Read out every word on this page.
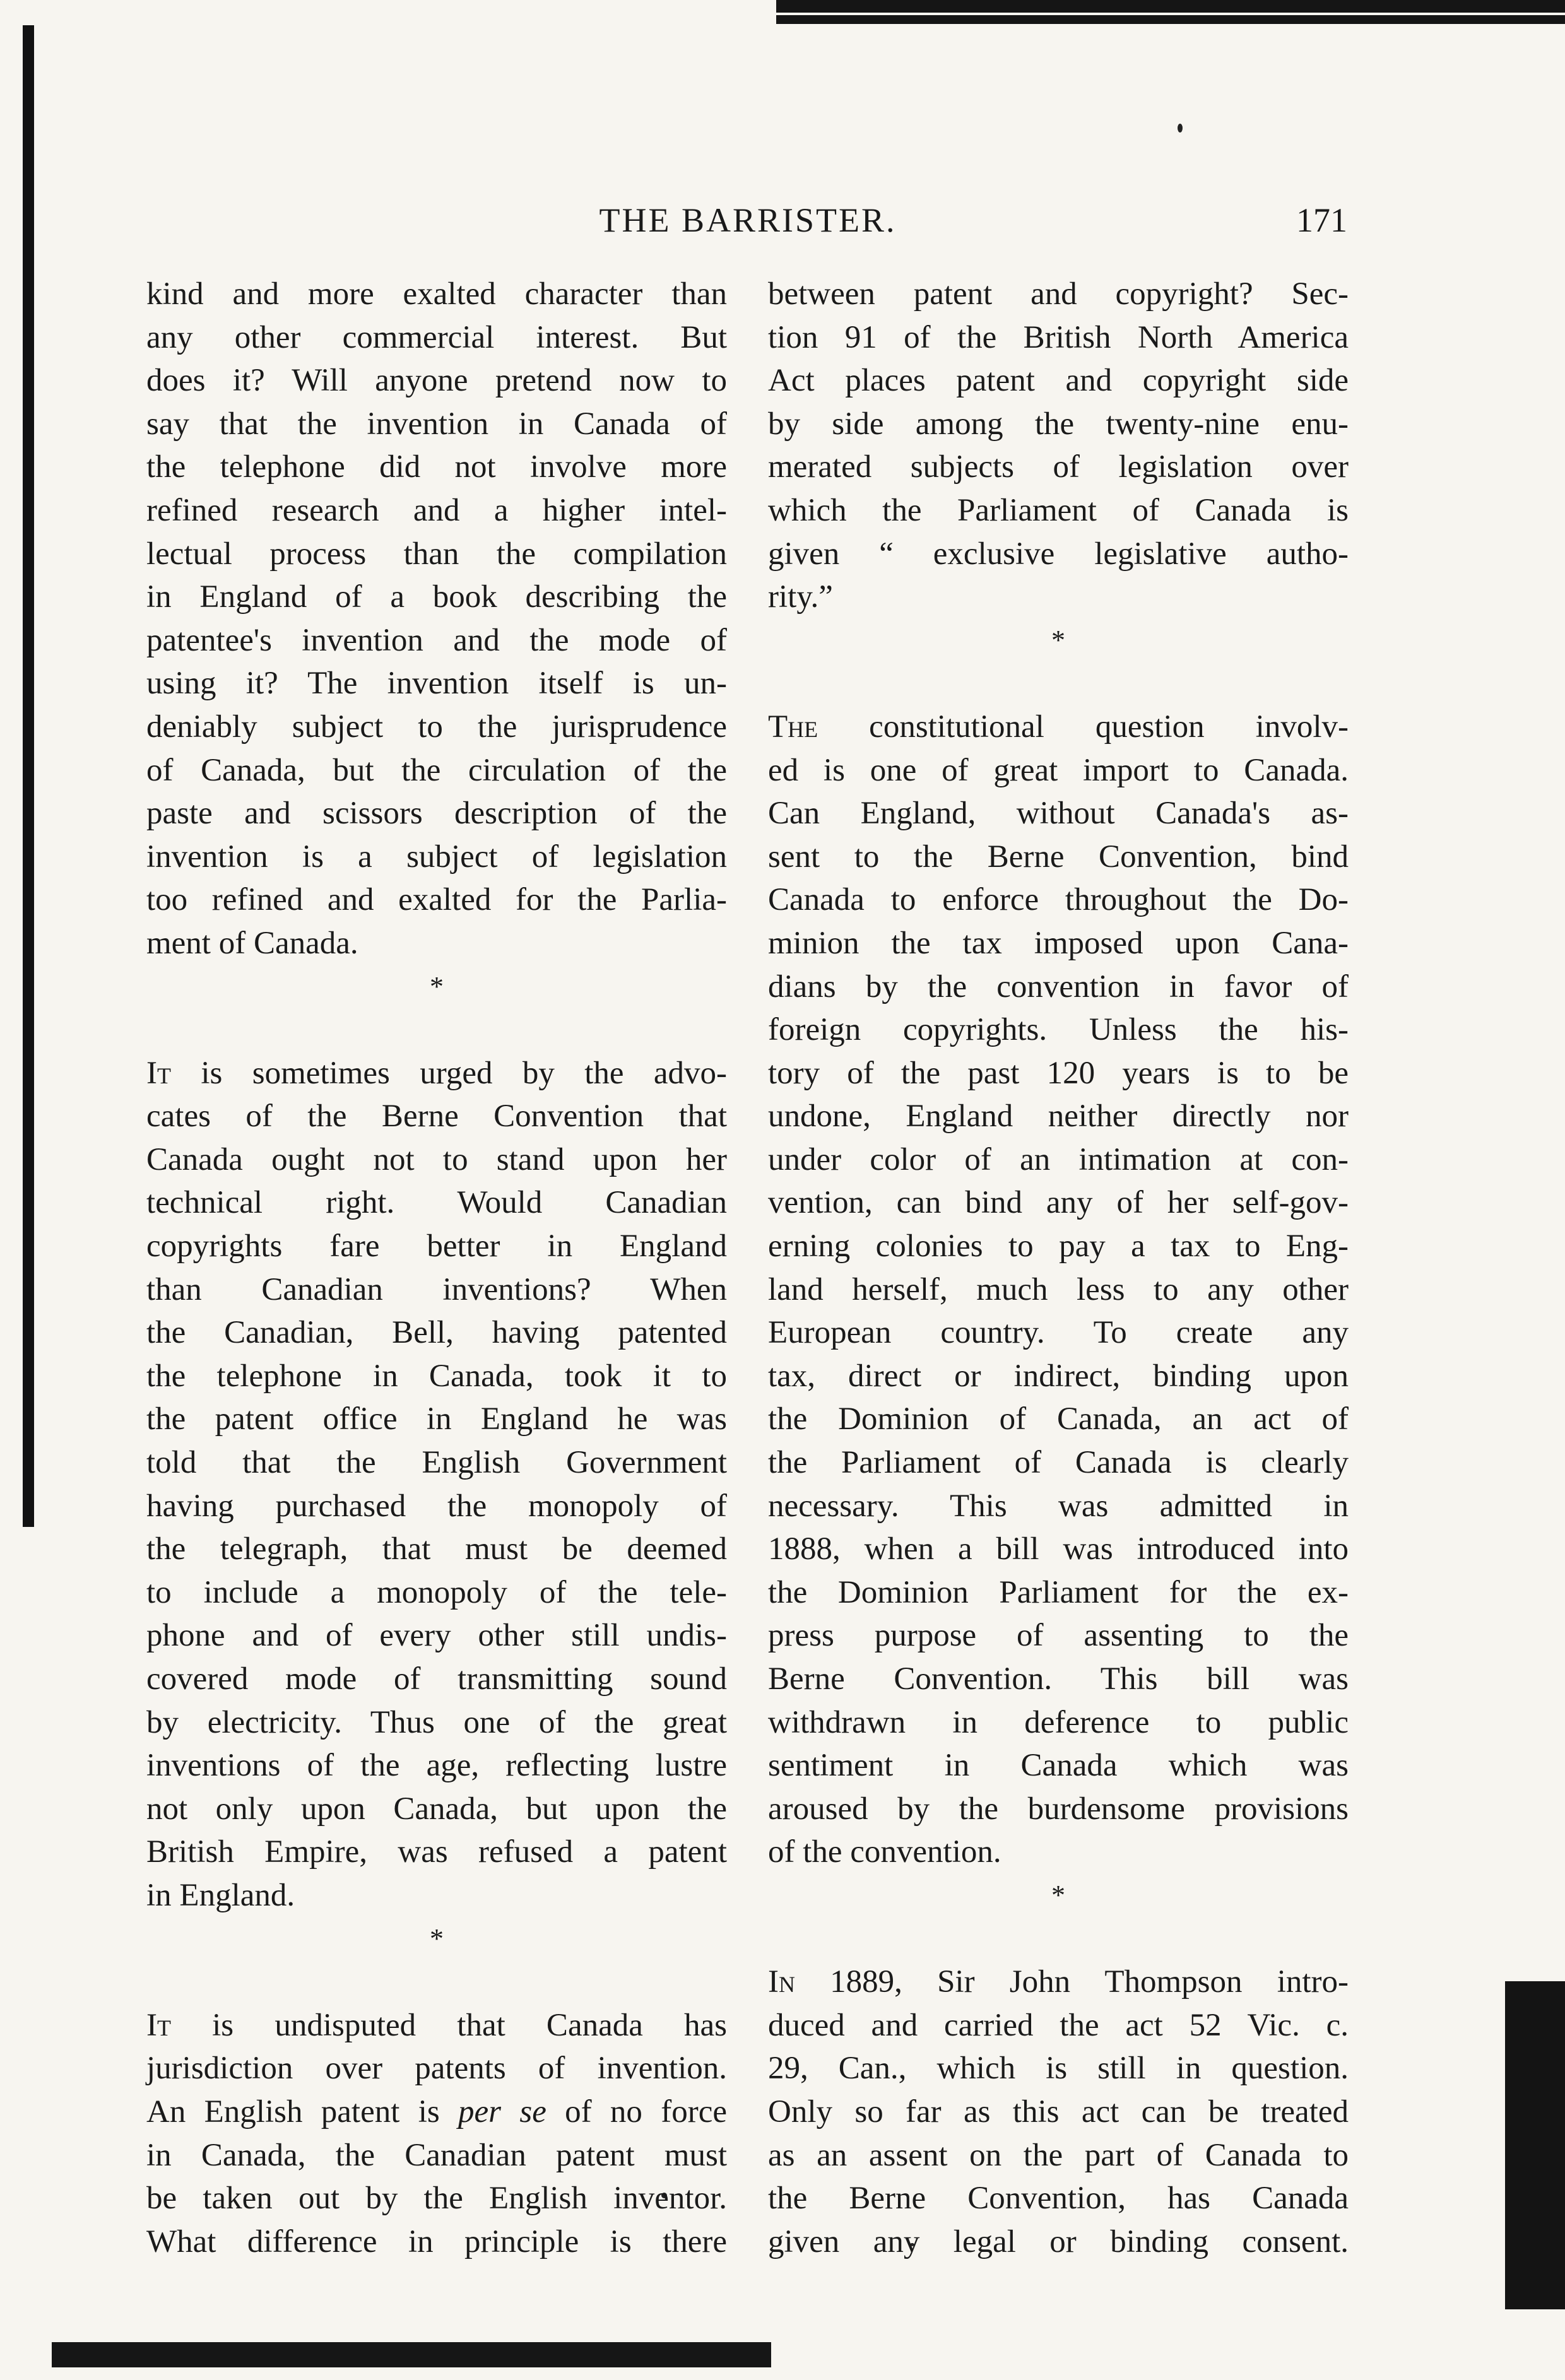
THE BARRISTER.	171
kind and more exalted character than
any other commercial interest. But
does it? Will anyone pretend now to
say that the invention in Canada of
the telephone did not involve more
refined research and a higher intel-
lectual process than the compilation
in England of a book describing the
patentee's invention and the mode of
using it? The invention itself is un-
deniably subject to the jurisprudence
of Canada, but the circulation of the
paste and scissors description of the
invention is a subject of legislation
too refined and exalted for the Parlia-
ment of Canada.
*
It is sometimes urged by the advo-
cates of the Berne Convention that
Canada ought not to stand upon her
technical right. Would Canadian
copyrights fare better in England
than Canadian inventions? When
the Canadian, Bell, having patented
the telephone in Canada, took it to
the patent office in England he was
told that the English Government
having purchased the monopoly of
the telegraph, that must be deemed
to include a monopoly of the tele-
phone and of every other still undis-
covered mode of transmitting sound
by electricity. Thus one of the great
inventions of the age, reflecting lustre
not only upon Canada, but upon the
British Empire, was refused a patent
in England.
*
It is undisputed that Canada has
jurisdiction over patents of invention.
An English patent is per se of no force
in Canada, the Canadian patent must
be taken out by the English inventor.
What difference in principle is there
between patent and copyright? Sec-
tion 91 of the British North America
Act places patent and copyright side
by side among the twenty-nine enu-
merated subjects of legislation over
which the Parliament of Canada is
given “ exclusive legislative autho-
rity.”
*
The constitutional question involv-
ed is one of great import to Canada.
Can England, without Canada's as-
sent to the Berne Convention, bind
Canada to enforce throughout the Do-
minion the tax imposed upon Cana-
dians by the convention in favor of
foreign copyrights. Unless the his-
tory of the past 120 years is to be
undone, England neither directly nor
under color of an intimation at con-
vention, can bind any of her self-gov-
erning colonies to pay a tax to Eng-
land herself, much less to any other
European country. To create any
tax, direct or indirect, binding upon
the Dominion of Canada, an act of
the Parliament of Canada is clearly
necessary. This was admitted in
1888, when a bill was introduced into
the Dominion Parliament for the ex-
press purpose of assenting to the
Berne Convention. This bill was
withdrawn in deference to public
sentiment in Canada which was
aroused by the burdensome provisions
of the convention.
*
In 1889, Sir John Thompson intro-
duced and carried the act 52 Vic. c.
29, Can., which is still in question.
Only so far as this act can be treated
as an assent on the part of Canada to
the Berne Convention, has Canada
given any legal or binding consent.
